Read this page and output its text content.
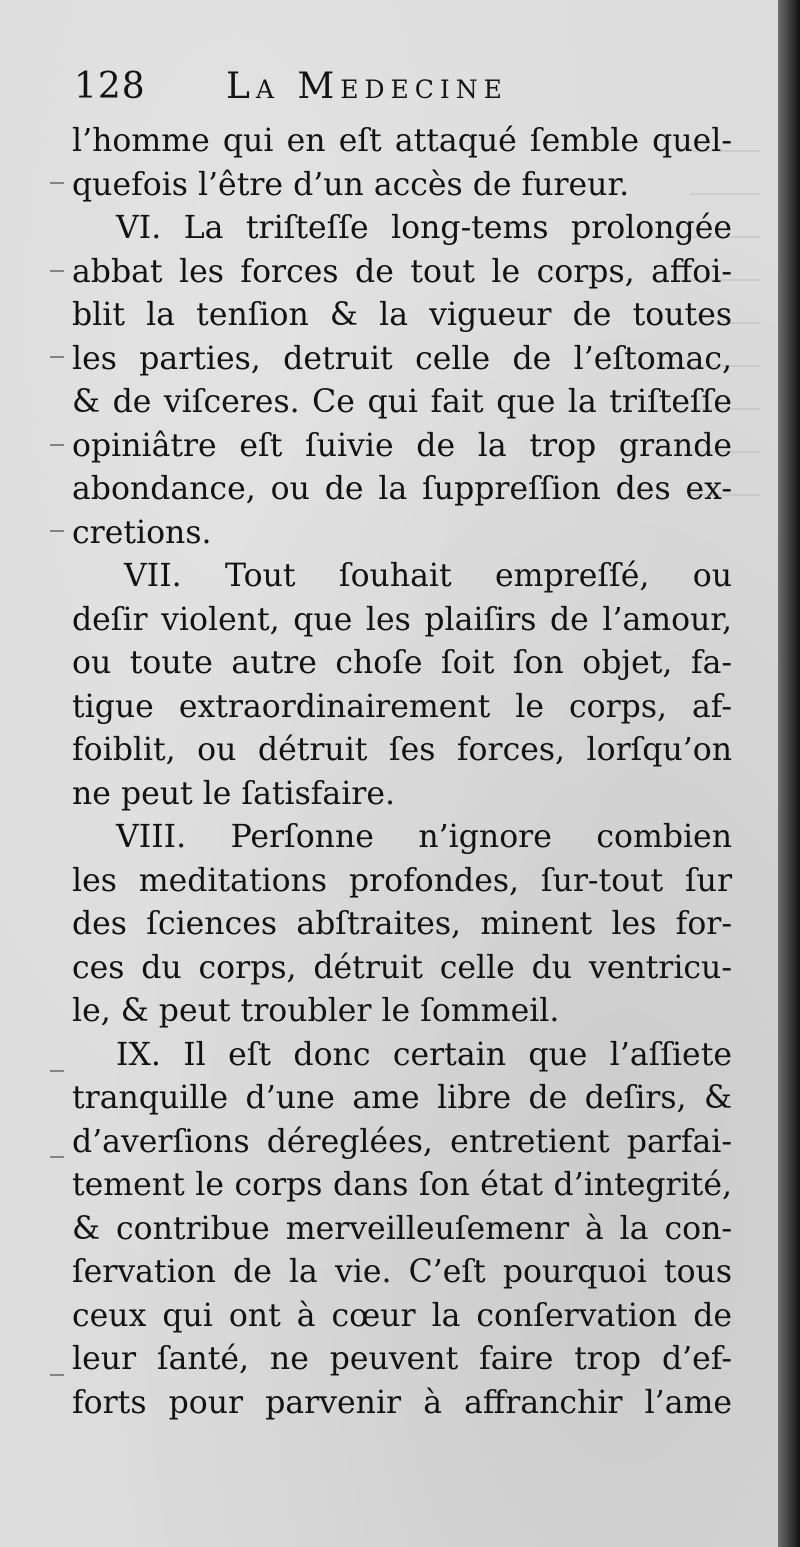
128 La Medecine
l’homme qui en eſt attaqué ſemble quel-
quefois l’être d’un accès de fureur.
VI. La triſteſſe long-tems prolongée
abbat les forces de tout le corps, affoi-
blit la tenſion & la vigueur de toutes
les parties, detruit celle de l’eſtomac,
& de viſceres. Ce qui fait que la triſteſſe
opiniâtre eſt ſuivie de la trop grande
abondance, ou de la ſuppreſſion des ex-
cretions.
VII. Tout ſouhait empreſſé, ou
deſir violent, que les plaiſirs de l’amour,
ou toute autre choſe ſoit ſon objet, fa-
tigue extraordinairement le corps, af-
foiblit, ou détruit ſes forces, lorſqu’on
ne peut le ſatisfaire.
VIII. Perſonne n’ignore combien
les meditations profondes, ſur-tout ſur
des ſciences abſtraites, minent les for-
ces du corps, détruit celle du ventricu-
le, & peut troubler le ſommeil.
IX. Il eſt donc certain que l’aſſiete
tranquille d’une ame libre de deſirs, &
d’averſions déreglées, entretient parfai-
tement le corps dans ſon état d’integrité,
& contribue merveilleuſemenr à la con-
ſervation de la vie. C’eſt pourquoi tous
ceux qui ont à cœur la conſervation de
leur ſanté, ne peuvent faire trop d’ef-
forts pour parvenir à affranchir l’ame
